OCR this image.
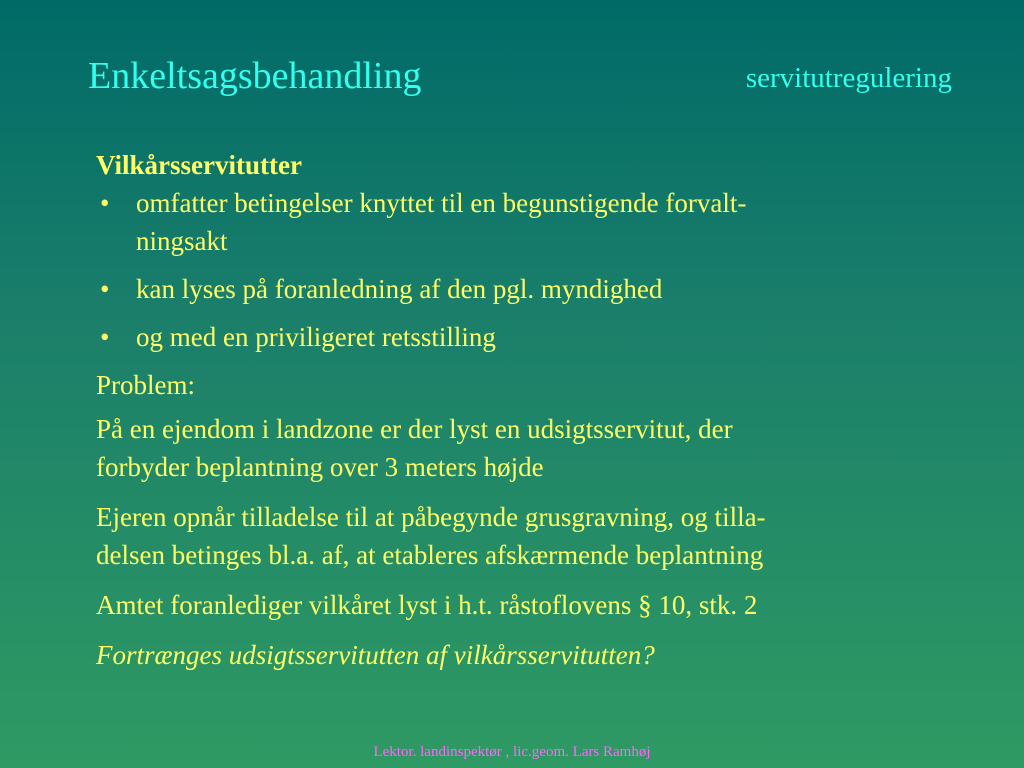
Enkeltsagsbehandling	servitutregulering

Vilkårsservitutter

• omfatter betingelser knyttet til en begunstigende forvalt-
ningsakt
• kan lyses på foranledning af den pgl. myndighed
• og med en priviligeret retsstilling

Problem:

På en ejendom i landzone er der lyst en udsigtsservitut, der
forbyder beplantning over 3 meters højde

Ejeren opnår tilladelse til at påbegynde grusgravning, og tilla-
delsen betinges bl.a. af, at etableres afskærmende beplantning

Amtet foranlediger vilkåret lyst i h.t. råstoflovens § 10, stk. 2

Fortrænges udsigtsservitutten af vilkårsservitutten?

Lektor. landinspektør , lic.geom. Lars Ramhøj
